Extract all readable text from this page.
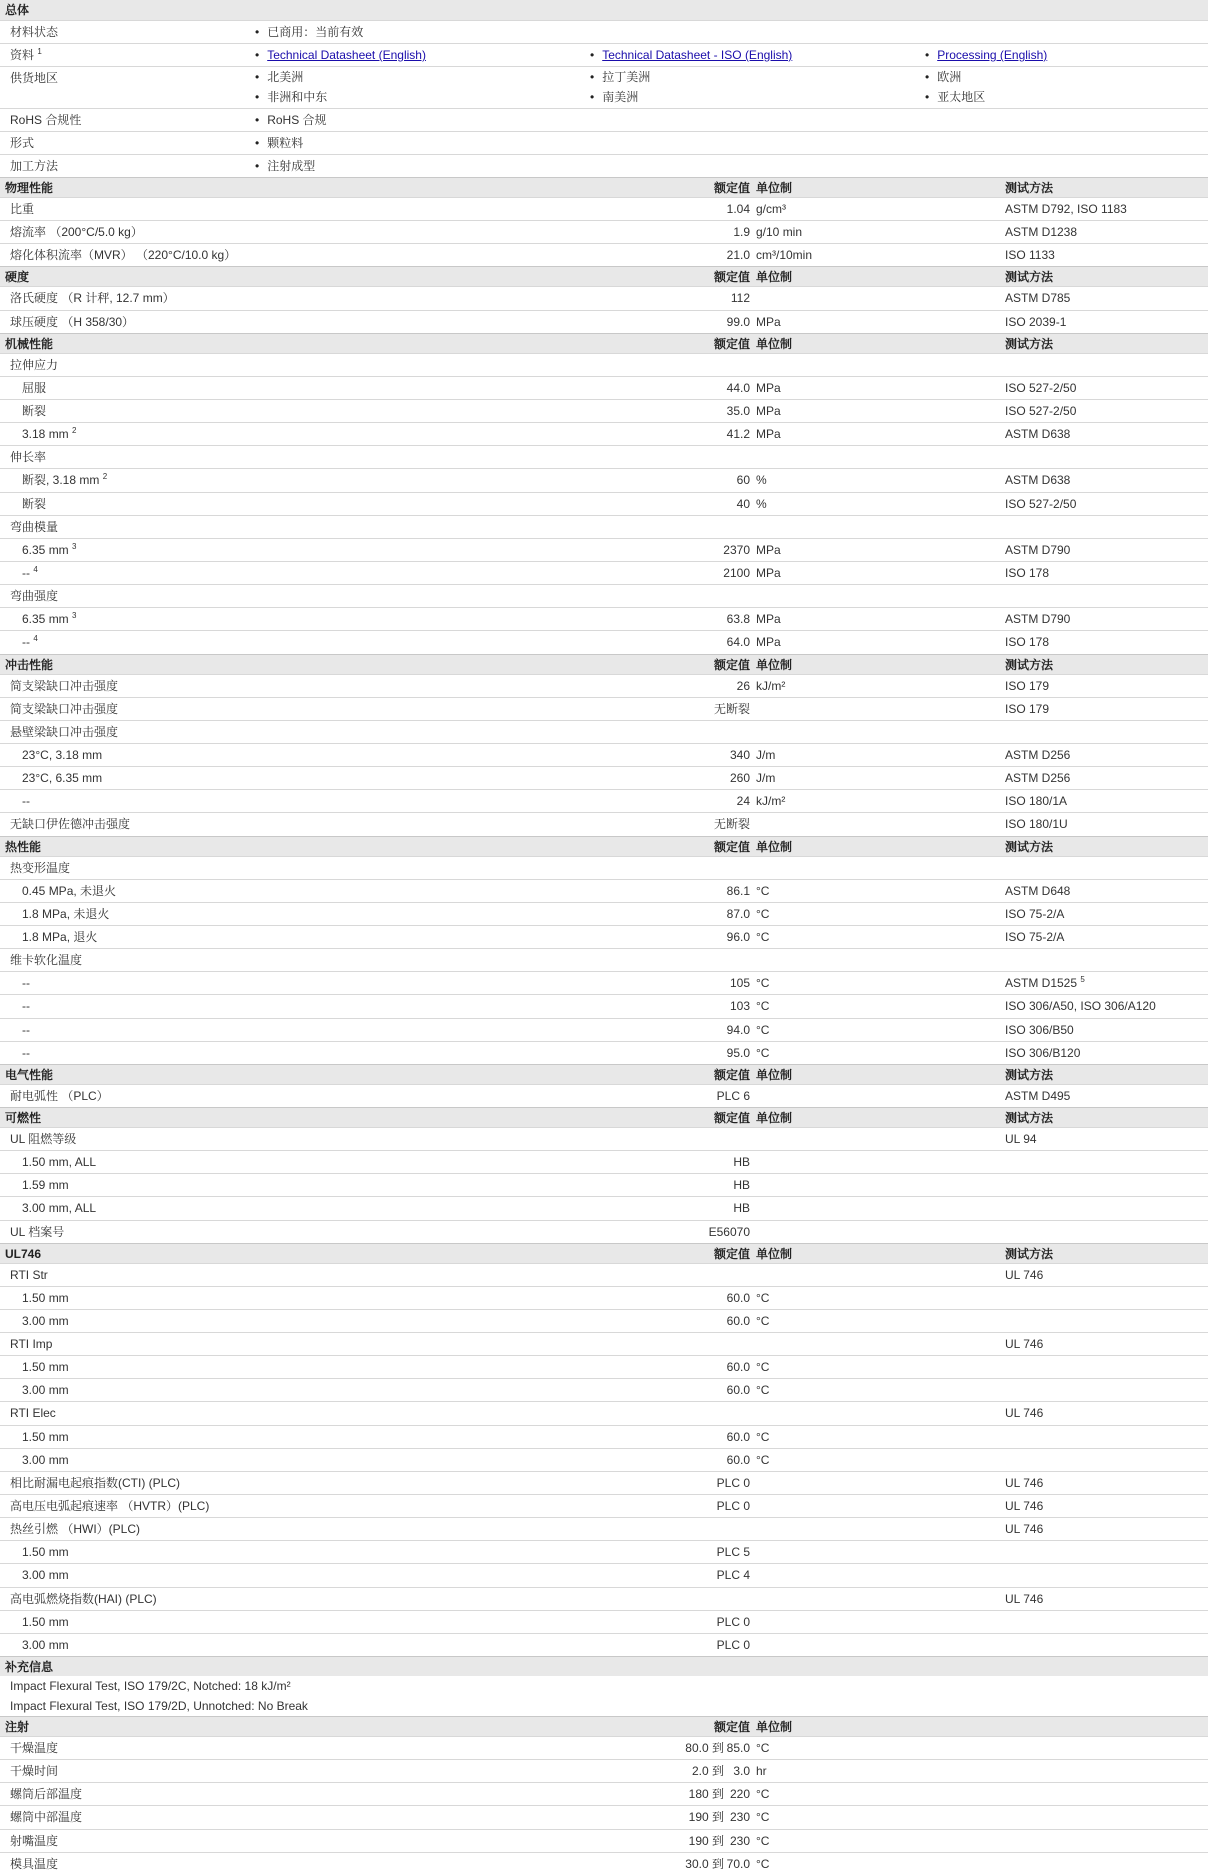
总体
材料状态	• 已商用：当前有效
资料 $^1$	• Technical Datasheet (English)	• Technical Datasheet - ISO (English)	• Processing (English)
供货地区	• 北美洲	• 拉丁美洲	• 欧洲
• 非洲和中东	• 南美洲	• 亚太地区
RoHS 合规性	• RoHS 合规
形式	• 颗粒料
加工方法	• 注射成型
物理性能	额定值 单位制	测试方法
比重	1.04 g/cm³	ASTM D792, ISO 1183
熔流率 （200°C/5.0 kg）	1.9 g/10 min	ASTM D1238
熔化体积流率（MVR） （220°C/10.0 kg）	21.0 cm³/10min	ISO 1133
硬度	额定值 单位制	测试方法
洛氏硬度 （R 计秤, 12.7 mm）	112	ASTM D785
球压硬度 （H 358/30）	99.0 MPa	ISO 2039-1
机械性能	额定值 单位制	测试方法
拉伸应力
屈服	44.0 MPa	ISO 527-2/50
断裂	35.0 MPa	ISO 527-2/50
3.18 mm $^2$	41.2 MPa	ASTM D638
伸长率
断裂, 3.18 mm $^2$	60 %	ASTM D638
断裂	40 %	ISO 527-2/50
弯曲模量
6.35 mm $^3$	2370 MPa	ASTM D790
-- $^4$	2100 MPa	ISO 178
弯曲强度
6.35 mm $^3$	63.8 MPa	ASTM D790
-- $^4$	64.0 MPa	ISO 178
冲击性能	额定值 单位制	测试方法
简支梁缺口冲击强度	26 kJ/m²	ISO 179
简支梁缺口冲击强度	无断裂	ISO 179
悬壁梁缺口冲击强度
23°C, 3.18 mm	340 J/m	ASTM D256
23°C, 6.35 mm	260 J/m	ASTM D256
--	24 kJ/m²	ISO 180/1A
无缺口伊佐德冲击强度	无断裂	ISO 180/1U
热性能	额定值 单位制	测试方法
热变形温度
0.45 MPa, 未退火	86.1 °C	ASTM D648
1.8 MPa, 未退火	87.0 °C	ISO 75-2/A
1.8 MPa, 退火	96.0 °C	ISO 75-2/A
维卡软化温度
--	105 °C	ASTM D1525 $^5$
--	103 °C	ISO 306/A50, ISO 306/A120
--	94.0 °C	ISO 306/B50
--	95.0 °C	ISO 306/B120
电气性能	额定值 单位制	测试方法
耐电弧性 （PLC）	PLC 6	ASTM D495
可燃性	额定值 单位制	测试方法
UL 阻燃等级	UL 94
1.50 mm, ALL	HB
1.59 mm	HB
3.00 mm, ALL	HB
UL 档案号	E56070
UL746	额定值 单位制	测试方法
RTI Str	UL 746
1.50 mm	60.0 °C
3.00 mm	60.0 °C
RTI Imp	UL 746
1.50 mm	60.0 °C
3.00 mm	60.0 °C
RTI Elec	UL 746
1.50 mm	60.0 °C
3.00 mm	60.0 °C
相比耐漏电起痕指数(CTI) (PLC)	PLC 0	UL 746
高电压电弧起痕速率 （HVTR）(PLC)	PLC 0	UL 746
热丝引燃 （HWI）(PLC)	UL 746
1.50 mm	PLC 5
3.00 mm	PLC 4
高电弧燃烧指数(HAI) (PLC)	UL 746
1.50 mm	PLC 0
3.00 mm	PLC 0
补充信息
Impact Flexural Test, ISO 179/2C, Notched: 18 kJ/m²
Impact Flexural Test, ISO 179/2D, Unnotched: No Break
注射	额定值 单位制
干燥温度	80.0 到 85.0 °C
干燥时间	2.0 到 3.0 hr
螺筒后部温度	180 到 220 °C
螺筒中部温度	190 到 230 °C
射嘴温度	190 到 230 °C
模具温度	30.0 到 70.0 °C
